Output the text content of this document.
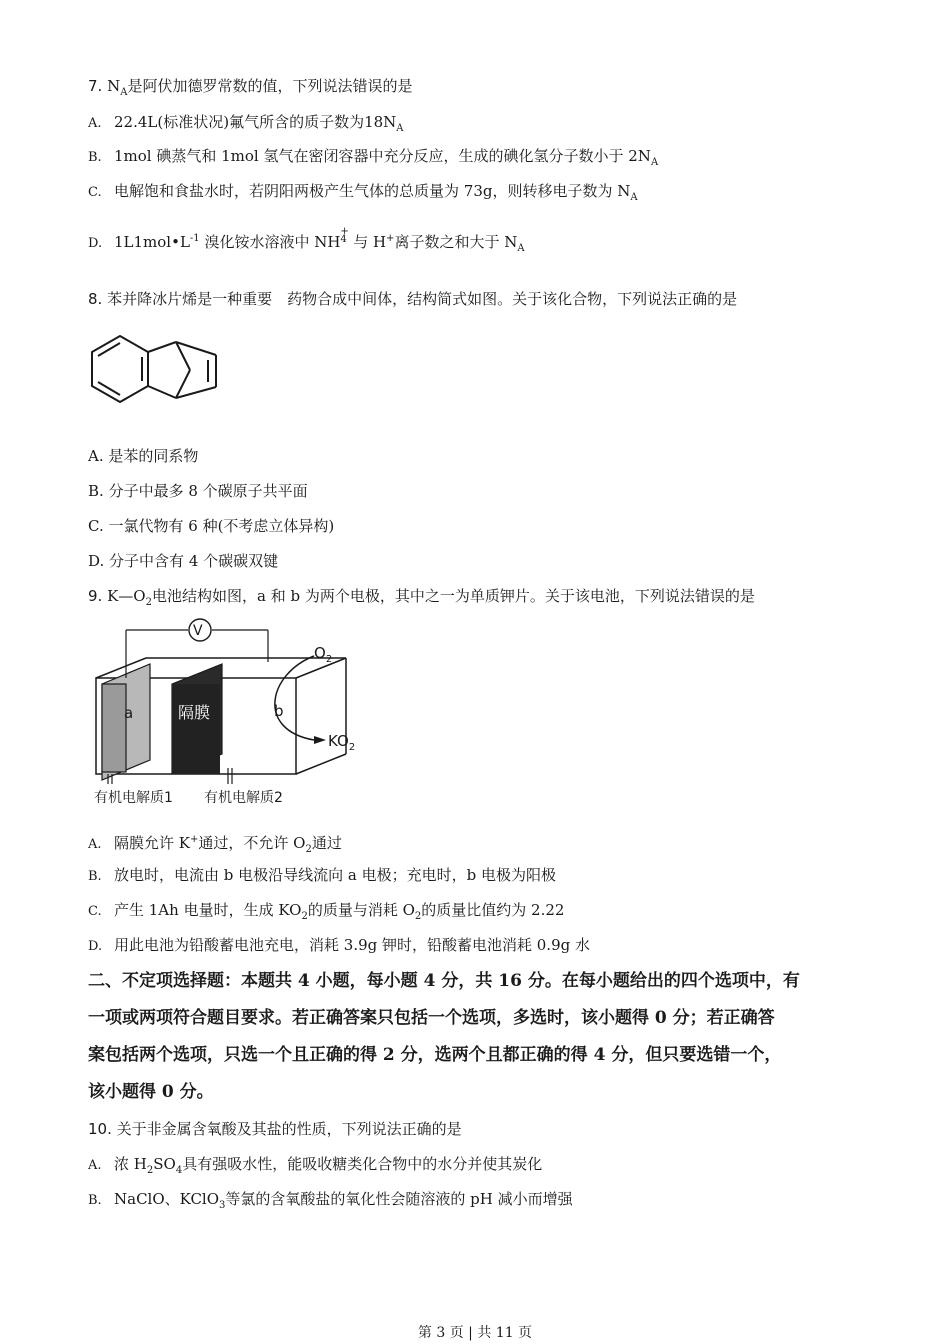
7. $N_A$是阿伏加德罗常数的值，下列说法错误的是
A. 22.4L(标准状况)氟气所含的质子数为$18N_A$
B. 1mol 碘蒸气和 1mol 氢气在密闭容器中充分反应，生成的碘化氢分子数小于 $2N_A$
C. 电解饱和食盐水时，若阴阳两极产生气体的总质量为 73g，则转移电子数为 $N_A$
D. $1L1mol•L^{-1}$ 溴化铵水溶液中 NH
+
4 与 H+离子数之和大于 $N_A$
8. 苯并降冰片烯是一种重要　药物合成中间体，结构简式如图。关于该化合物，下列说法正确的是
A. 是苯的同系物
B. 分子中最多 8 个碳原子共平面
C. 一氯代物有 6 种(不考虑立体异构)
D. 分子中含有 4 个碳碳双键
9. $K—O_2$电池结构如图，a 和 b 为两个电极，其中之一为单质钾片。关于该电池，下列说法错误的是
a	隔膜
V
b
$O_2$
$KO_2$
有机电解质1 有机电解质2
A. 隔膜允许 K+通过，不允许 $O_2$通过
B. 放电时，电流由 b 电极沿导线流向 a 电极；充电时，b 电极为阳极
C. 产生 1Ah 电量时，生成 $KO_2$的质量与消耗 $O_2$的质量比值约为 2.22
D. 用此电池为铅酸蓄电池充电，消耗 3.9g 钾时，铅酸蓄电池消耗 0.9g 水
二、不定项选择题：本题共 4 小题，每小题 4 分，共 16 分。在每小题给出的四个选项中，有
一项或两项符合题目要求。若正确答案只包括一个选项，多选时，该小题得 0 分；若正确答
案包括两个选项，只选一个且正确的得 2 分，选两个且都正确的得 4 分，但只要选错一个，
该小题得 0 分。
10. 关于非金属含氧酸及其盐的性质，下列说法正确的是
A. 浓 $H_2SO_4$具有强吸水性，能吸收糖类化合物中的水分并使其炭化
B. NaClO、KClO$_3$等氯的含氧酸盐的氧化性会随溶液的 pH 减小而增强
第 3 页 | 共 11 页
